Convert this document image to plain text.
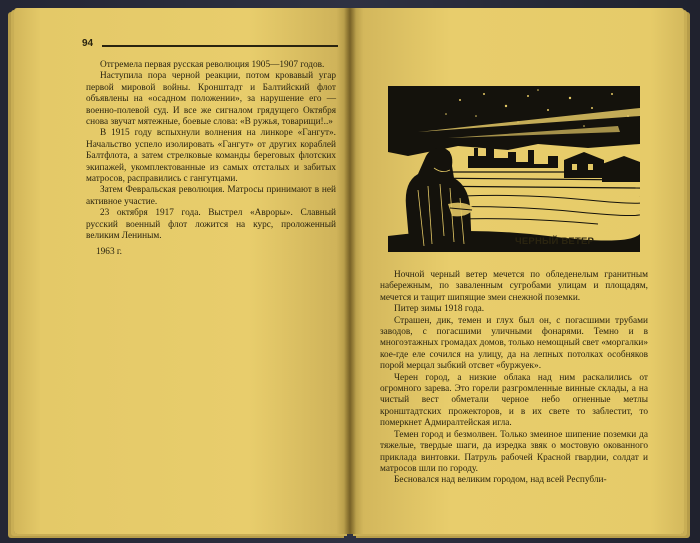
94

Отгремела первая русская революция 1905—1907 годов.

Наступила пора черной реакции, потом кровавый угар первой мировой войны. Кронштадт и Балтийский флот объявлены на «осадном положении», за нарушение его — военно-полевой суд. И все же сигналом грядущего Октября снова звучат мятежные, боевые слова: «В ружья, товарищи!..»

В 1915 году вспыхнули волнения на линкоре «Гангут». Начальство успело изолировать «Гангут» от других кораблей Балтфлота, а затем стрелковые команды береговых флотских экипажей, укомплектованные из самых отсталых и забитых матросов, расправились с гангутцами.

Затем Февральская революция. Матросы принимают в ней активное участие.

23 октября 1917 года. Выстрел «Авроры». Славный русский военный флот ложится на курс, проложенный великим Лениным.

1963 г.

ЧЕРНЫЙ ВЕТЕР

Ночной черный ветер мечется по обледенелым гранитным набережным, по заваленным сугробами улицам и площадям, мечется и тащит шипящие змеи снежной поземки.

Питер зимы 1918 года.

Страшен, дик, темен и глух был он, с погасшими трубами заводов, с погасшими уличными фонарями. Темно и в многоэтажных громадах домов, только немощный свет «моргалки» кое-где еле сочился на улицу, да на лепных потолках особняков порой мерцал зыбкий отсвет «буржуек».

Черен город, а низкие облака над ним раскалились от огромного зарева. Это горели разгромленные винные склады, а на чистый вест обметали черное небо огненные метлы кронштадтских прожекторов, и в их свете то заблестит, то померкнет Адмиралтейская игла.

Темен город и безмолвен. Только змеиное шипение поземки да тяжелые, твердые шаги, да изредка звяк о мостовую окованного приклада винтовки. Патруль рабочей Красной гвардии, солдат и матросов шли по городу.

Бесновался над великим городом, над всей Республи-
